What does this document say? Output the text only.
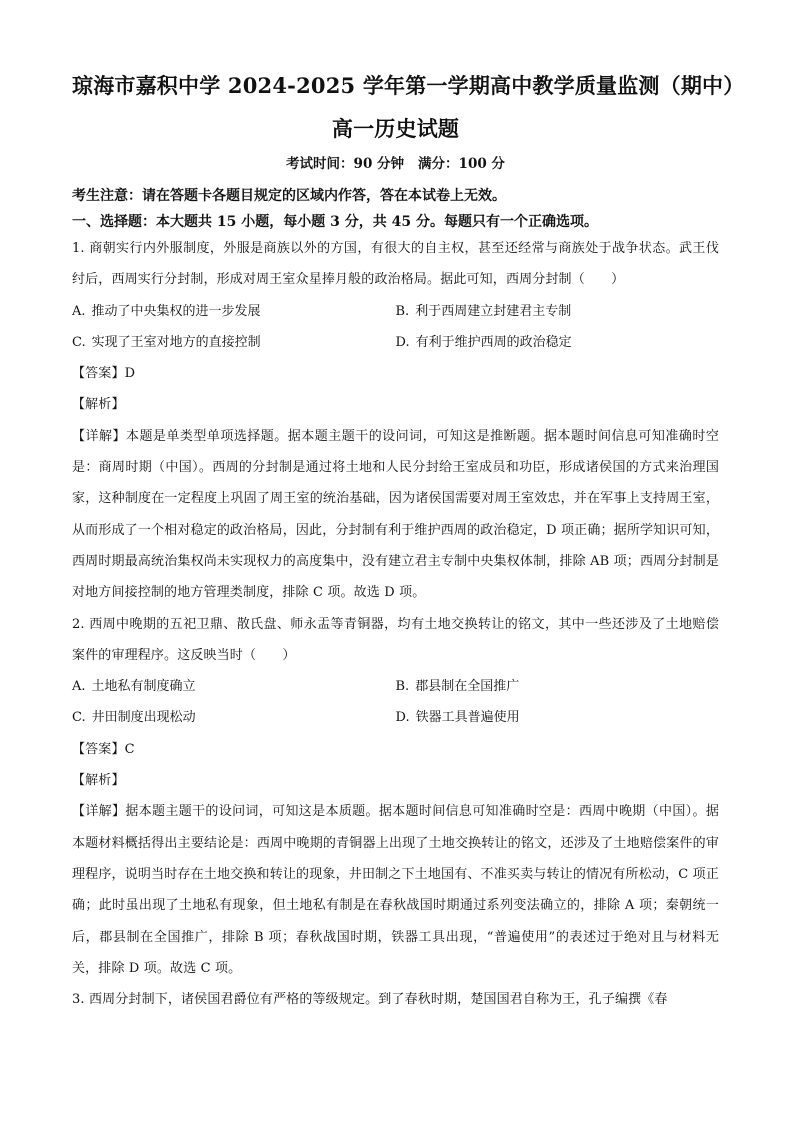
琼海市嘉积中学 2024-2025 学年第一学期高中教学质量监测（期中）
高一历史试题
考试时间：90 分钟 满分：100 分
考生注意：请在答题卡各题目规定的区域内作答，答在本试卷上无效。
一、选择题：本大题共 15 小题，每小题 3 分，共 45 分。每题只有一个正确选项。

1. 商朝实行内外服制度，外服是商族以外的方国，有很大的自主权，甚至还经常与商族处于战争状态。武王伐纣后，西周实行分封制，形成对周王室众星捧月般的政治格局。据此可知，西周分封制（　　）

A. 推动了中央集权的进一步发展	B. 利于西周建立封建君主专制
C. 实现了王室对地方的直接控制	D. 有利于维护西周的政治稳定

【答案】D

【解析】

【详解】本题是单类型单项选择题。据本题主题干的设问词，可知这是推断题。据本题时间信息可知准确时空是：商周时期（中国）。西周的分封制是通过将土地和人民分封给王室成员和功臣，形成诸侯国的方式来治理国家，这种制度在一定程度上巩固了周王室的统治基础，因为诸侯国需要对周王室效忠，并在军事上支持周王室，从而形成了一个相对稳定的政治格局，因此，分封制有利于维护西周的政治稳定，D 项正确；据所学知识可知，西周时期最高统治集权尚未实现权力的高度集中，没有建立君主专制中央集权体制，排除 AB 项；西周分封制是对地方间接控制的地方管理类制度，排除 C 项。故选 D 项。

2. 西周中晚期的五祀卫鼎、散氏盘、师永盂等青铜器，均有土地交换转让的铭文，其中一些还涉及了土地赔偿案件的审理程序。这反映当时（　　）

A. 土地私有制度确立	B. 郡县制在全国推广
C. 井田制度出现松动	D. 铁器工具普遍使用

【答案】C

【解析】

【详解】据本题主题干的设问词，可知这是本质题。据本题时间信息可知准确时空是：西周中晚期（中国）。据本题材料概括得出主要结论是：西周中晚期的青铜器上出现了土地交换转让的铭文，还涉及了土地赔偿案件的审理程序，说明当时存在土地交换和转让的现象，井田制之下土地国有、不准买卖与转让的情况有所松动，C 项正确；此时虽出现了土地私有现象，但土地私有制是在春秋战国时期通过系列变法确立的，排除 A 项；秦朝统一后，郡县制在全国推广，排除 B 项；春秋战国时期，铁器工具出现，“普遍使用”的表述过于绝对且与材料无关，排除 D 项。故选 C 项。

3. 西周分封制下，诸侯国君爵位有严格的等级规定。到了春秋时期，楚国国君自称为王，孔子编撰《春
